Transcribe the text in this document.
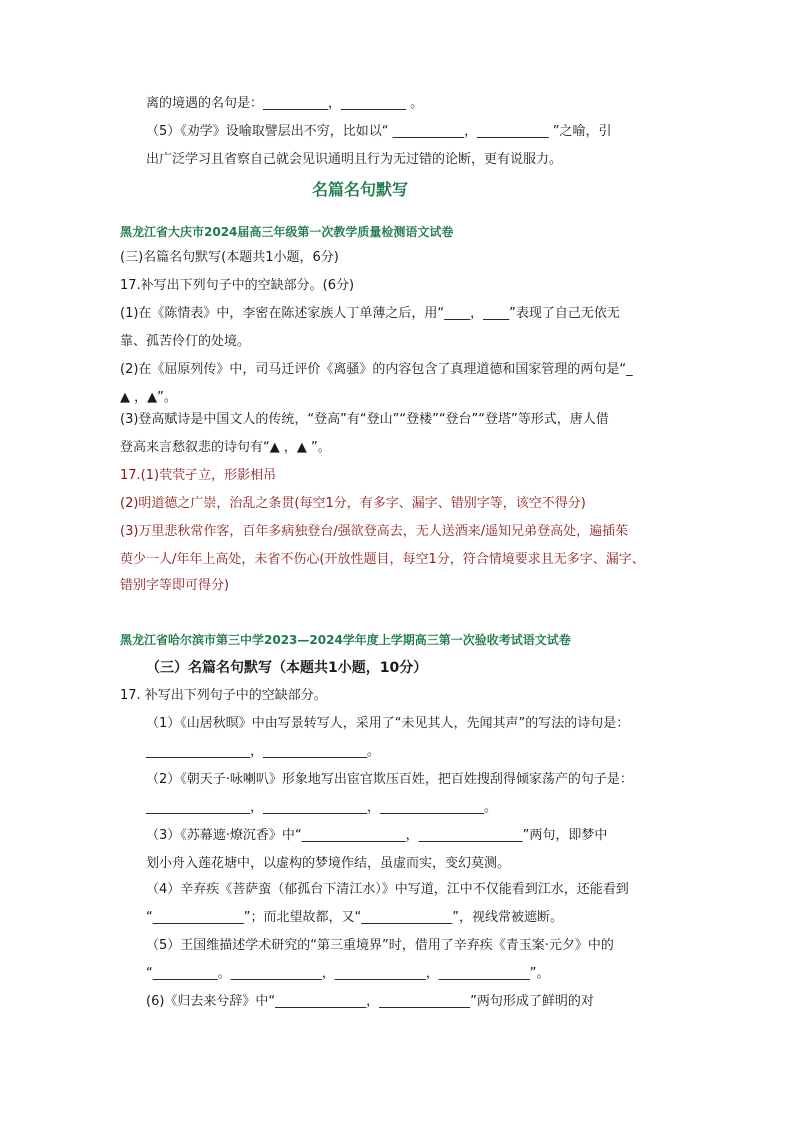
离的境遇的名句是：__________，__________ 。
（5）《劝学》设喻取譬层出不穷，比如以“ ___________，___________ ”之喻，引
出广泛学习且省察自己就会见识通明且行为无过错的论断，更有说服力。
名篇名句默写
黑龙江省大庆市2024届高三年级第一次教学质量检测语文试卷
(三)名篇名句默写(本题共1小题，6分)
17.补写出下列句子中的空缺部分。(6分)
(1)在《陈情表》中，李密在陈述家族人丁单薄之后，用“____，____”表现了自己无依无
靠、孤苦伶仃的处境。
(2)在《屈原列传》中，司马迁评价《离骚》的内容包含了真理道德和国家管理的两句是“_
▲ ，▲”。
(3)登高赋诗是中国文人的传统，“登高”有“登山”“登楼”“登台”“登塔”等形式，唐人借
登高来言愁叙悲的诗句有“▲ ，▲ ”。
17.(1)茕茕孑立，形影相吊
(2)明道德之广崇，治乱之条贯(每空1分，有多字、漏字、错别字等，该空不得分)
(3)万里悲秋常作客，百年多病独登台/强欲登高去，无人送酒来/遥知兄弟登高处，遍插茱
萸少一人/年年上高处，未省不伤心(开放性题目，每空1分，符合情境要求且无多字、漏字、
错别字等即可得分)
黑龙江省哈尔滨市第三中学2023—2024学年度上学期高三第一次验收考试语文试卷
（三）名篇名句默写（本题共1小题，10分）
17. 补写出下列句子中的空缺部分。
（1）《山居秋暝》中由写景转写人，采用了“未见其人，先闻其声”的写法的诗句是：
________________，________________。
（2）《朝天子·咏喇叭》形象地写出宦官欺压百姓，把百姓搜刮得倾家荡产的句子是：
________________，________________，________________。
（3）《苏幕遮·燎沉香》中“________________，________________”两句，即梦中
划小舟入莲花塘中，以虚构的梦境作结，虽虚而实，变幻莫测。
（4）辛弃疾《菩萨蛮（郁孤台下清江水）》中写道，江中不仅能看到江水，还能看到
“______________”；而北望故都，又“______________”，视线常被遮断。
（5）王国维描述学术研究的“第三重境界”时，借用了辛弃疾《青玉案·元夕》中的
“__________。______________，______________，______________”。
(6)《归去来兮辞》中“______________，______________”两句形成了鲜明的对
